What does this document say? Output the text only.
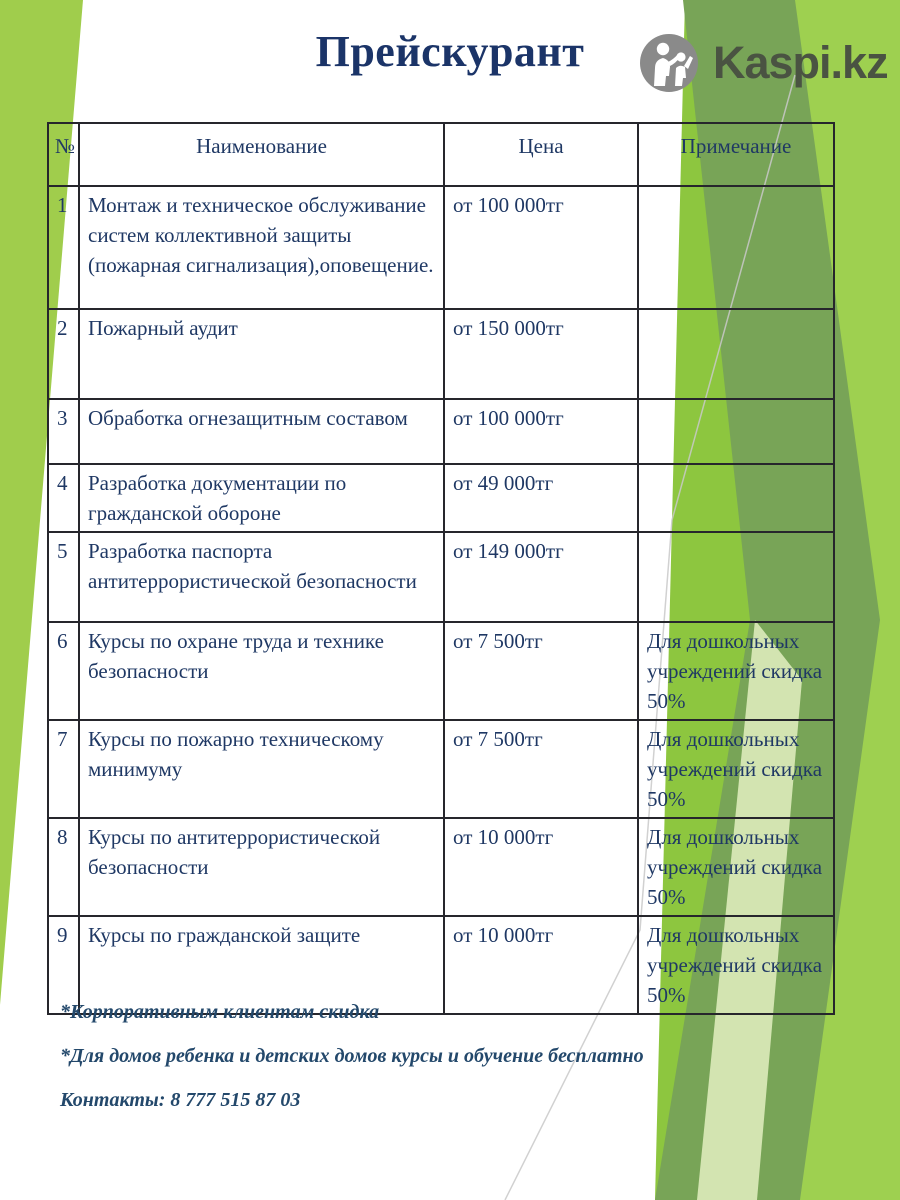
Прейскурант	Kaspi.kz
№	Наименование	Цена	Примечание
1	Монтаж и техническое обслуживание систем коллективной защиты (пожарная сигнализация),оповещение.	от 100 000тг	
2	Пожарный аудит	от 150 000тг	
3	Обработка огнезащитным составом	от 100 000тг	
4	Разработка документации по гражданской обороне	от 49 000тг	
5	Разработка паспорта антитеррористической безопасности	от 149 000тг	
6	Курсы по охране труда и технике безопасности	от 7 500тг	Для дошкольных учреждений скидка 50%
7	Курсы по пожарно техническому минимуму	от 7 500тг	Для дошкольных учреждений скидка 50%
8	Курсы по антитеррористической безопасности	от 10 000тг	Для дошкольных учреждений скидка 50%
9	Курсы по гражданской защите	от 10 000тг	Для дошкольных учреждений скидка 50%

*Корпоративным клиентам скидка

*Для домов ребенка и детских домов курсы и обучение бесплатно

Контакты: 8 777 515 87 03
